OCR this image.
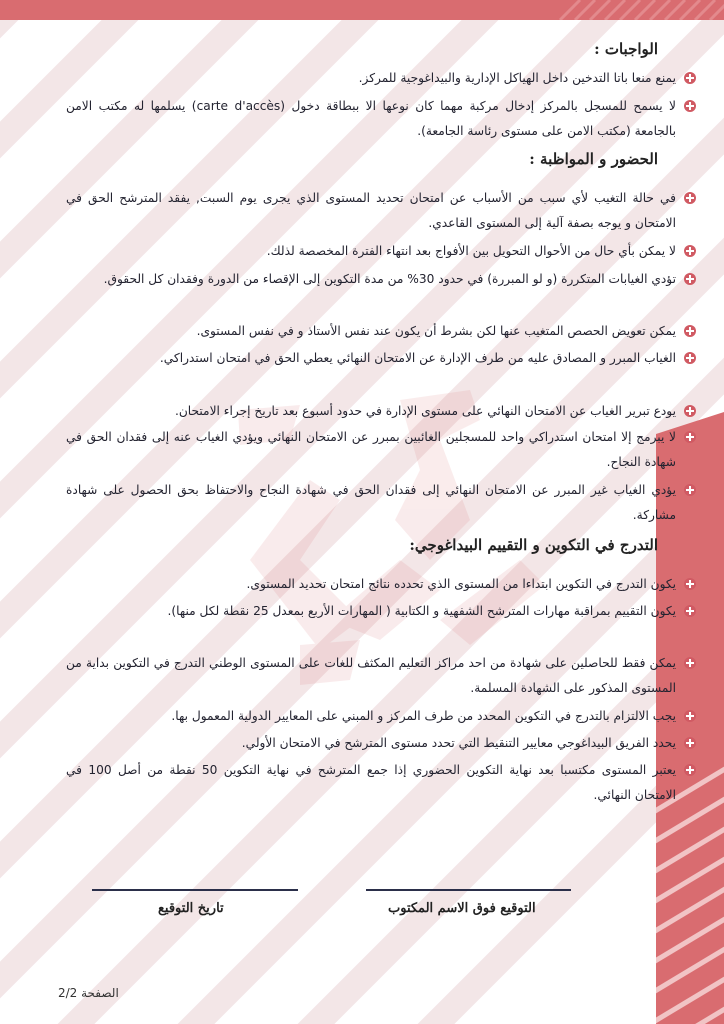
الواجبات :
يمنع منعا باتا التدخين داخل الهياكل الإدارية والبيداغوجية للمركز.
لا يسمح للمسجل بالمركز إدخال مركبة مهما كان نوعها الا ببطاقة دخول (carte d'accès) يسلمها له مكتب الامن بالجامعة (مكتب الامن على مستوى رئاسة الجامعة).
الحضور و المواظبة :
في حالة التغيب لأي سبب من الأسباب عن امتحان تحديد المستوى الذي يجرى يوم السبت, يفقد المترشح الحق في الامتحان و يوجه بصفة آلية إلى المستوى القاعدي.
لا يمكن بأي حال من الأحوال التحويل بين الأفواج بعد انتهاء الفترة المخصصة لذلك.
تؤدي الغيابات المتكررة (و لو المبررة) في حدود 30% من مدة التكوين إلى الإقصاء من الدورة وفقدان كل الحقوق.
يمكن تعويض الحصص المتغيب عنها لكن بشرط أن يكون عند نفس الأستاذ و في نفس المستوى.
الغياب المبرر و المصادق عليه من طرف الإدارة عن الامتحان النهائي يعطي الحق في امتحان استدراكي.
يودع تبرير الغياب عن الامتحان النهائي على مستوى الإدارة في حدود أسبوع بعد تاريخ إجراء الامتحان.
لا يبرمج إلا امتحان استدراكي واحد للمسجلين الغائبين بمبرر عن الامتحان النهائي ويؤدي الغياب عنه إلى فقدان الحق في شهادة النجاح.
يؤدي الغياب غير المبرر عن الامتحان النهائي إلى فقدان الحق في شهادة النجاح والاحتفاظ بحق الحصول على شهادة مشاركة.
التدرج في التكوين و التقييم البيداغوجي:
يكون التدرج في التكوين ابتداءا من المستوى الذي تحدده نتائج امتحان تحديد المستوى.
يكون التقييم بمراقبة مهارات المترشح الشفهية و الكتابية ( المهارات الأربع بمعدل 25 نقطة لكل منها).
يمكن فقط للحاصلين على شهادة من احد مراكز التعليم المكثف للغات على المستوى الوطني التدرج في التكوين بداية من المستوى المذكور على الشهادة المسلمة.
يجب الالتزام بالتدرج في التكوين المحدد من طرف المركز و المبني على المعايير الدولية المعمول بها.
يحدد الفريق البيداغوجي معايير التنقيط التي تحدد مستوى المترشح في الامتحان الأولي.
يعتبر المستوى مكتسبا بعد نهاية التكوين الحضوري إذا جمع المترشح في نهاية التكوين 50 نقطة من أصل 100 في الامتحان النهائي.
التوقيع فوق الاسم المكتوب
تاريخ التوقيع
الصفحة 2/2
